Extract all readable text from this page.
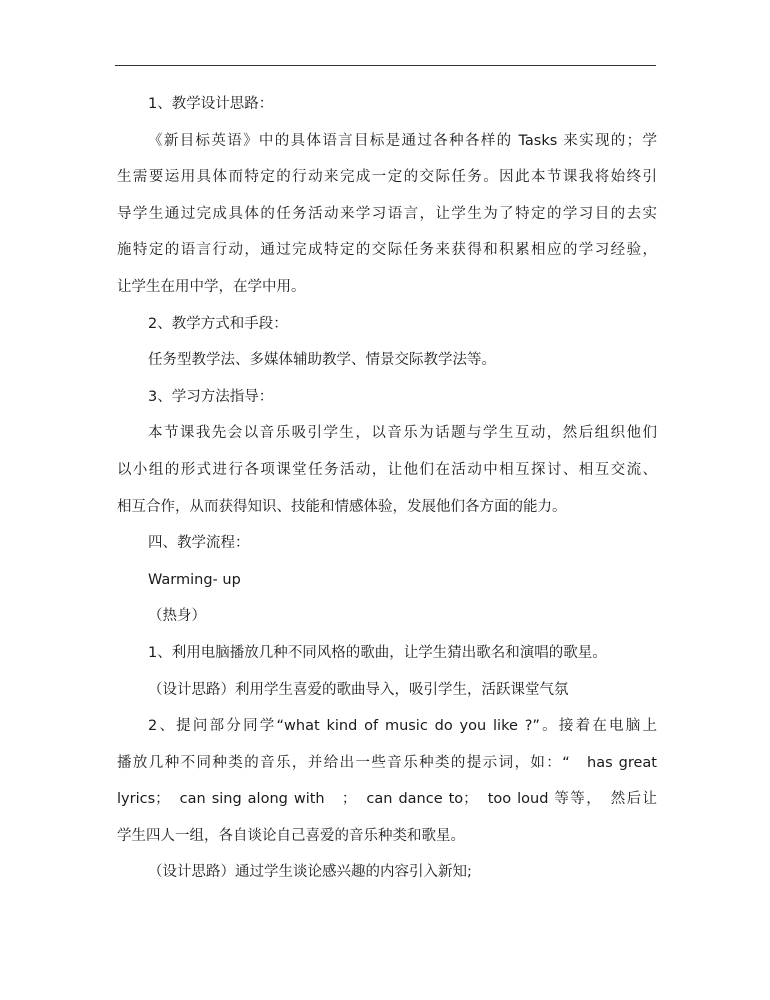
1、教学设计思路：
《新目标英语》中的具体语言目标是通过各种各样的 Tasks 来实现的；学
生需要运用具体而特定的行动来完成一定的交际任务。因此本节课我将始终引
导学生通过完成具体的任务活动来学习语言，让学生为了特定的学习目的去实
施特定的语言行动，通过完成特定的交际任务来获得和积累相应的学习经验，
让学生在用中学，在学中用。
2、教学方式和手段：
任务型教学法、多媒体辅助教学、情景交际教学法等。
3、学习方法指导：
本节课我先会以音乐吸引学生，以音乐为话题与学生互动，然后组织他们
以小组的形式进行各项课堂任务活动，让他们在活动中相互探讨、相互交流、
相互合作，从而获得知识、技能和情感体验，发展他们各方面的能力。
四、教学流程：
Warming- up
（热身）
1、利用电脑播放几种不同风格的歌曲，让学生猜出歌名和演唱的歌星。
（设计思路）利用学生喜爱的歌曲导入，吸引学生，活跃课堂气氛
2、提问部分同学“what kind of music do you like ?”。接着在电脑上
播放几种不同种类的音乐，并给出一些音乐种类的提示词，如：“　has great
lyrics；　can sing along with　；　can dance to；　too loud 等等，　然后让
学生四人一组，各自谈论自己喜爱的音乐种类和歌星。
（设计思路）通过学生谈论感兴趣的内容引入新知;
